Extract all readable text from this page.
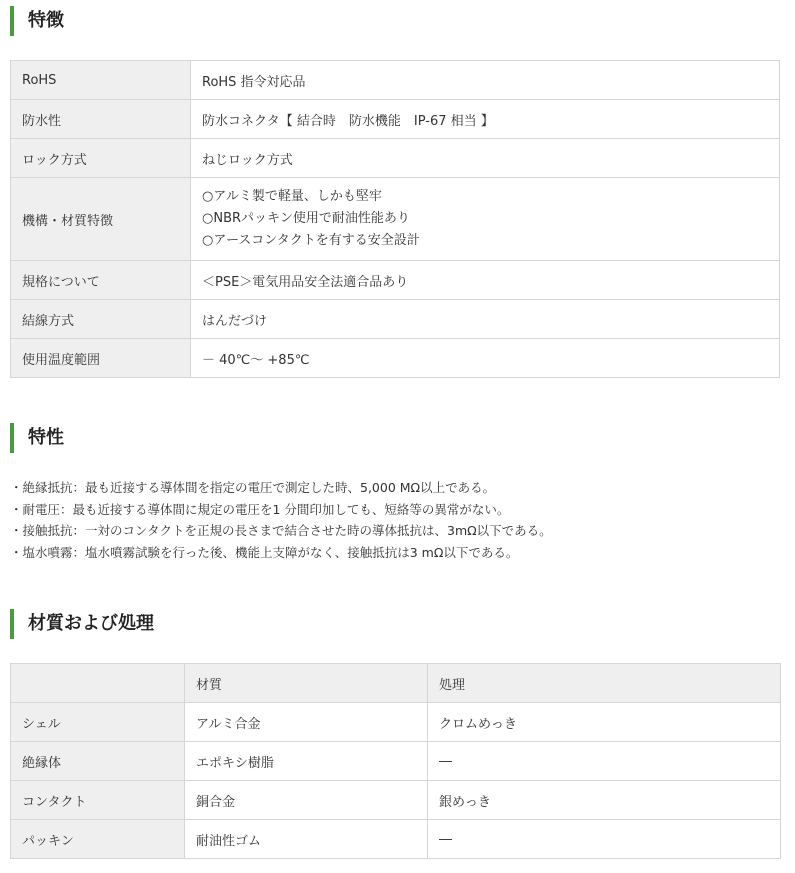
特徴
RoHS	RoHS 指令対応品
防水性	防水コネクタ【 結合時　防水機能　IP-67 相当 】
ロック方式	ねじロック方式
機構・材質特徴	○アルミ製で軽量、しかも堅牢
○NBRパッキン使用で耐油性能あり
○アースコンタクトを有する安全設計

規格について	＜PSE＞電気用品安全法適合品あり
結線方式	はんだづけ
使用温度範囲	－ 40℃～ +85℃
特性
・絶縁抵抗：最も近接する導体間を指定の電圧で測定した時、5,000 MΩ以上である。
・耐電圧：最も近接する導体間に規定の電圧を1 分間印加しても、短絡等の異常がない。
・接触抵抗：一対のコンタクトを正規の長さまで結合させた時の導体抵抗は、3mΩ以下である。
・塩水噴霧：塩水噴霧試験を行った後、機能上支障がなく、接触抵抗は3 mΩ以下である。
材質および処理
	材質	処理
シェル	アルミ合金	クロムめっき
絶縁体	エポキシ樹脂	―
コンタクト	銅合金	銀めっき
パッキン	耐油性ゴム	―
